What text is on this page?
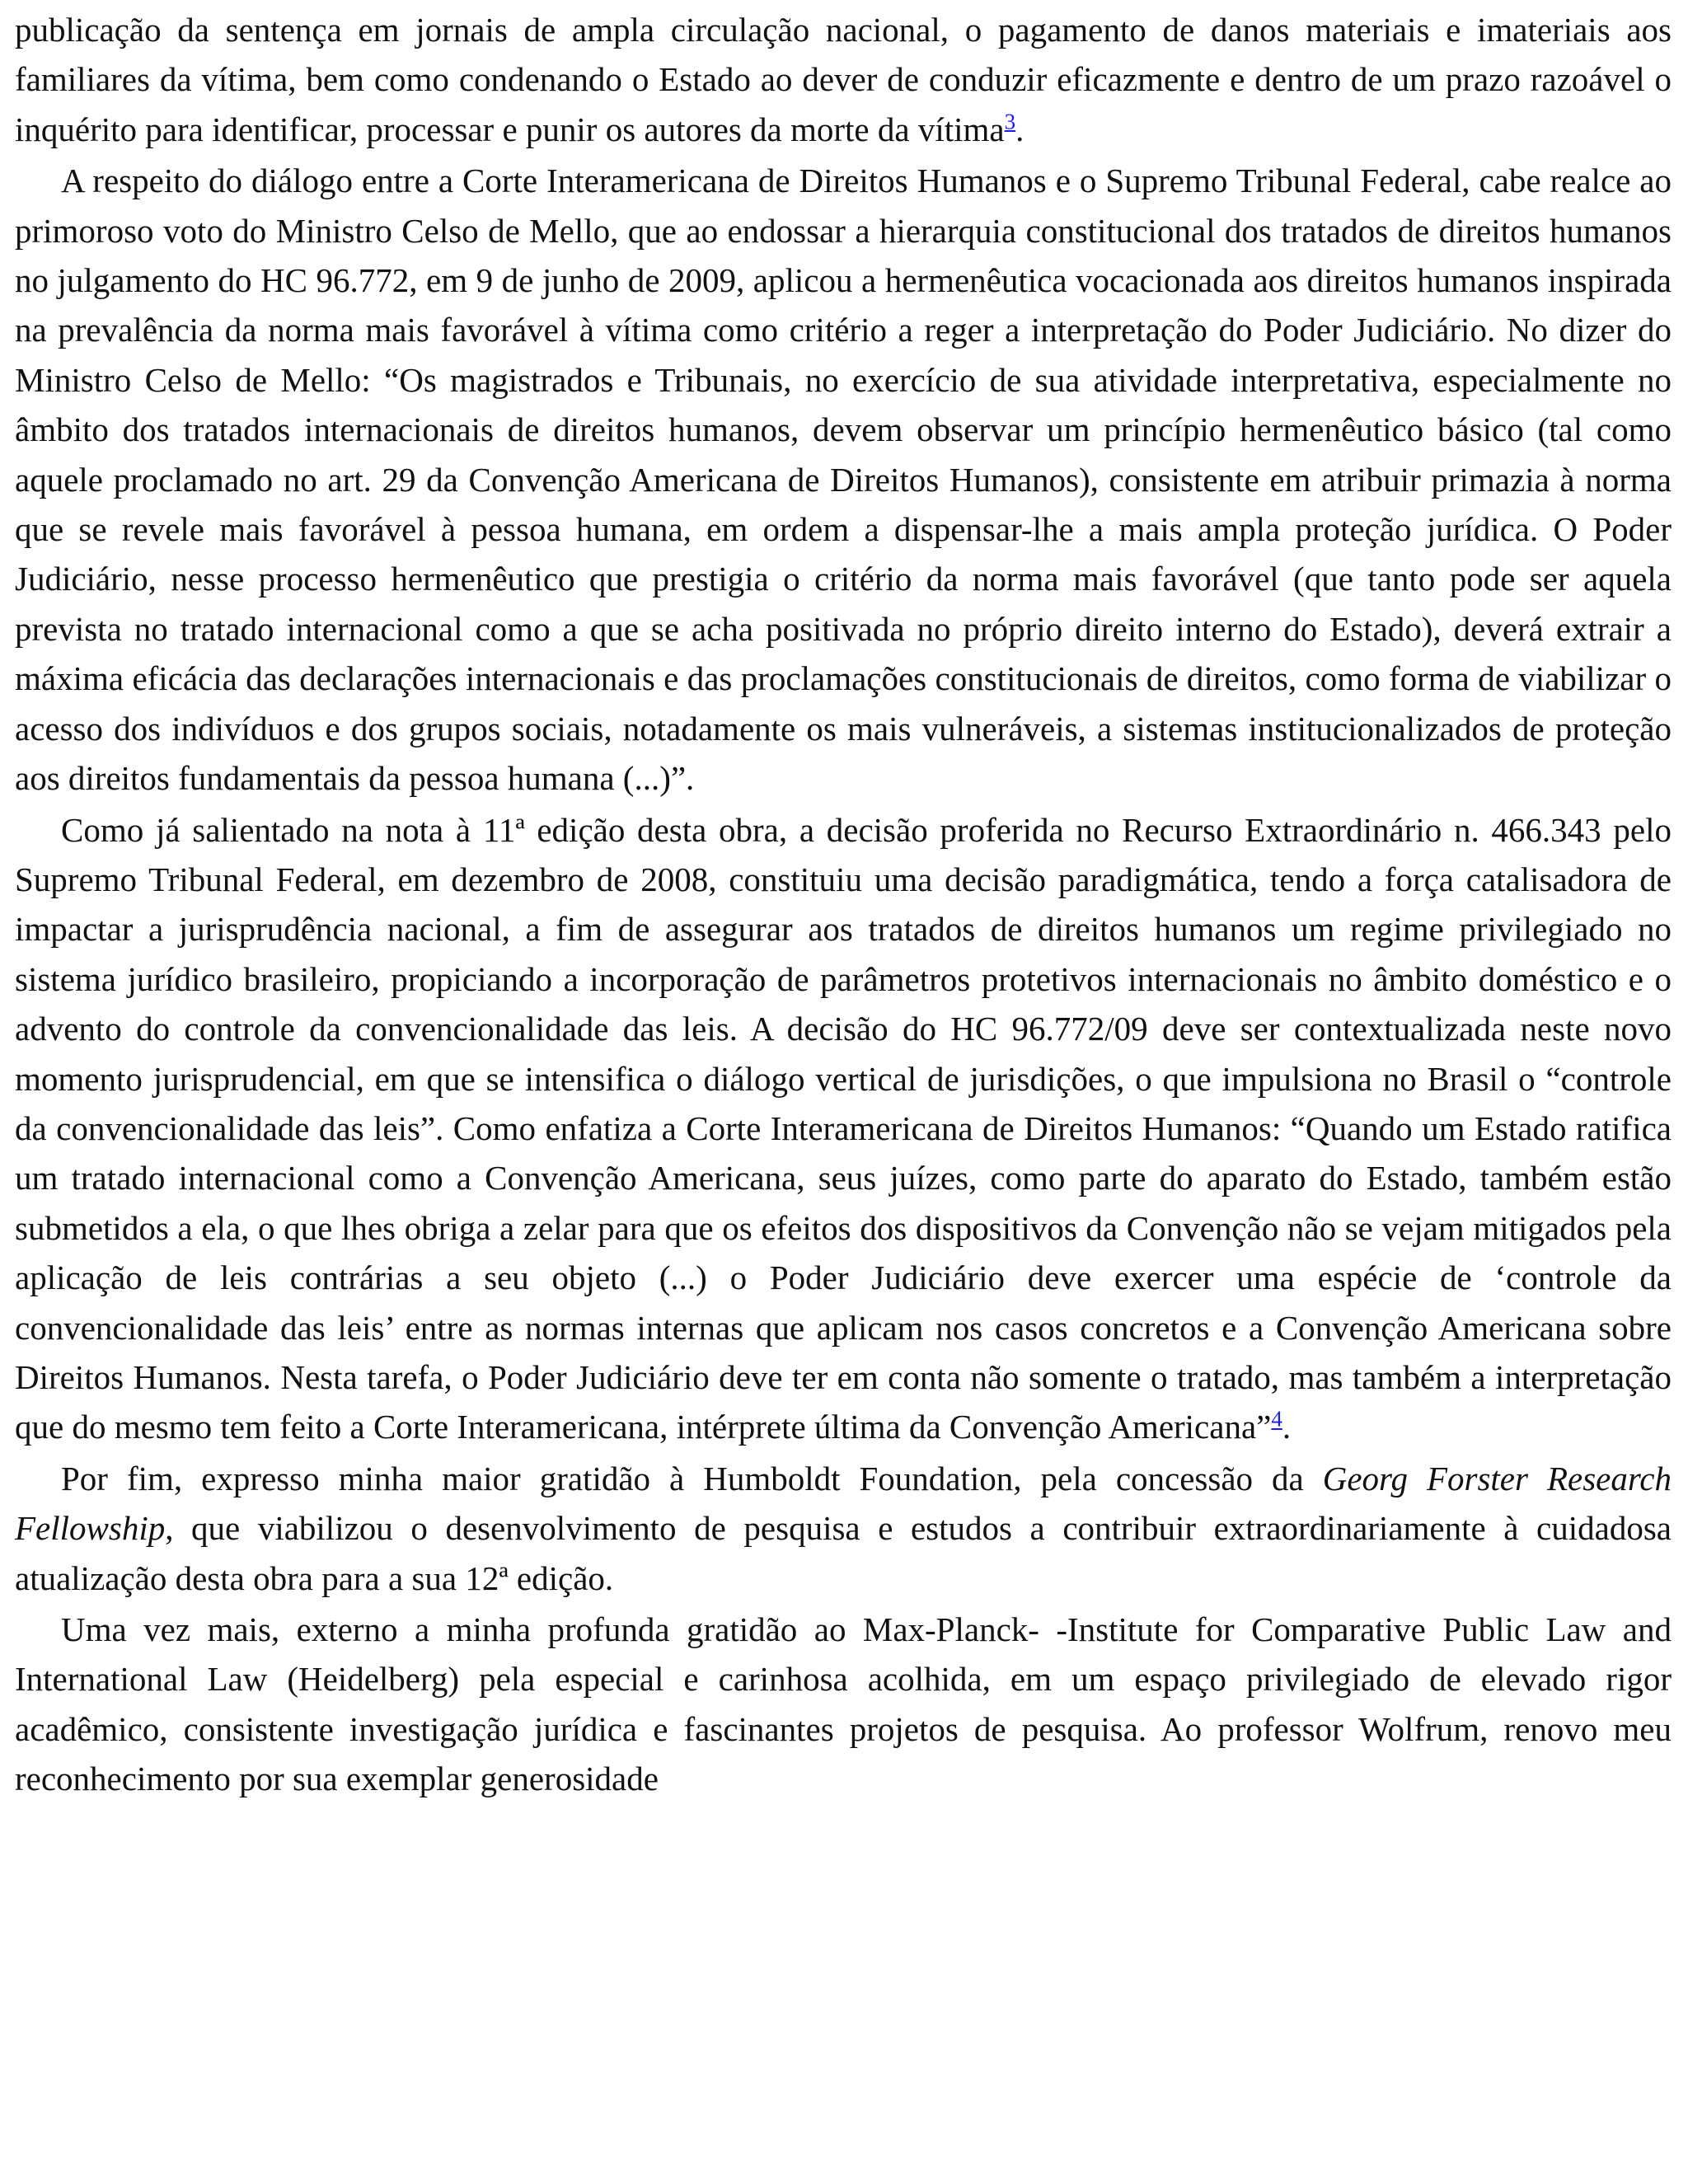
publicação da sentença em jornais de ampla circulação nacional, o pagamento de danos materiais e imateriais aos familiares da vítima, bem como condenando o Estado ao dever de conduzir eficazmente e dentro de um prazo razoável o inquérito para identificar, processar e punir os autores da morte da vítima$^3$.

A respeito do diálogo entre a Corte Interamericana de Direitos Humanos e o Supremo Tribunal Federal, cabe realce ao primoroso voto do Ministro Celso de Mello, que ao endossar a hierarquia constitucional dos tratados de direitos humanos no julgamento do HC 96.772, em 9 de junho de 2009, aplicou a hermenêutica vocacionada aos direitos humanos inspirada na prevalência da norma mais favorável à vítima como critério a reger a interpretação do Poder Judiciário. No dizer do Ministro Celso de Mello: “Os magistrados e Tribunais, no exercício de sua atividade interpretativa, especialmente no âmbito dos tratados internacionais de direitos humanos, devem observar um princípio hermenêutico básico (tal como aquele proclamado no art. 29 da Convenção Americana de Direitos Humanos), consistente em atribuir primazia à norma que se revele mais favorável à pessoa humana, em ordem a dispensar-lhe a mais ampla proteção jurídica. O Poder Judiciário, nesse processo hermenêutico que prestigia o critério da norma mais favorável (que tanto pode ser aquela prevista no tratado internacional como a que se acha positivada no próprio direito interno do Estado), deverá extrair a máxima eficácia das declarações internacionais e das proclamações constitucionais de direitos, como forma de viabilizar o acesso dos indivíduos e dos grupos sociais, notadamente os mais vulneráveis, a sistemas institucionalizados de proteção aos direitos fundamentais da pessoa humana (...)”.

Como já salientado na nota à 11ª edição desta obra, a decisão proferida no Recurso Extraordinário n. 466.343 pelo Supremo Tribunal Federal, em dezembro de 2008, constituiu uma decisão paradigmática, tendo a força catalisadora de impactar a jurisprudência nacional, a fim de assegurar aos tratados de direitos humanos um regime privilegiado no sistema jurídico brasileiro, propiciando a incorporação de parâmetros protetivos internacionais no âmbito doméstico e o advento do controle da convencionalidade das leis. A decisão do HC 96.772/09 deve ser contextualizada neste novo momento jurisprudencial, em que se intensifica o diálogo vertical de jurisdições, o que impulsiona no Brasil o “controle da convencionalidade das leis”. Como enfatiza a Corte Interamericana de Direitos Humanos: “Quando um Estado ratifica um tratado internacional como a Convenção Americana, seus juízes, como parte do aparato do Estado, também estão submetidos a ela, o que lhes obriga a zelar para que os efeitos dos dispositivos da Convenção não se vejam mitigados pela aplicação de leis contrárias a seu objeto (...) o Poder Judiciário deve exercer uma espécie de ‘controle da convencionalidade das leis’ entre as normas internas que aplicam nos casos concretos e a Convenção Americana sobre Direitos Humanos. Nesta tarefa, o Poder Judiciário deve ter em conta não somente o tratado, mas também a interpretação que do mesmo tem feito a Corte Interamericana, intérprete última da Convenção Americana”$^4$.

Por fim, expresso minha maior gratidão à Humboldt Foundation, pela concessão da Georg Forster Research Fellowship, que viabilizou o desenvolvimento de pesquisa e estudos a contribuir extraordinariamente à cuidadosa atualização desta obra para a sua 12ª edição.

Uma vez mais, externo a minha profunda gratidão ao Max-Planck- -Institute for Comparative Public Law and International Law (Heidelberg) pela especial e carinhosa acolhida, em um espaço privilegiado de elevado rigor acadêmico, consistente investigação jurídica e fascinantes projetos de pesquisa. Ao professor Wolfrum, renovo meu reconhecimento por sua exemplar generosidade
